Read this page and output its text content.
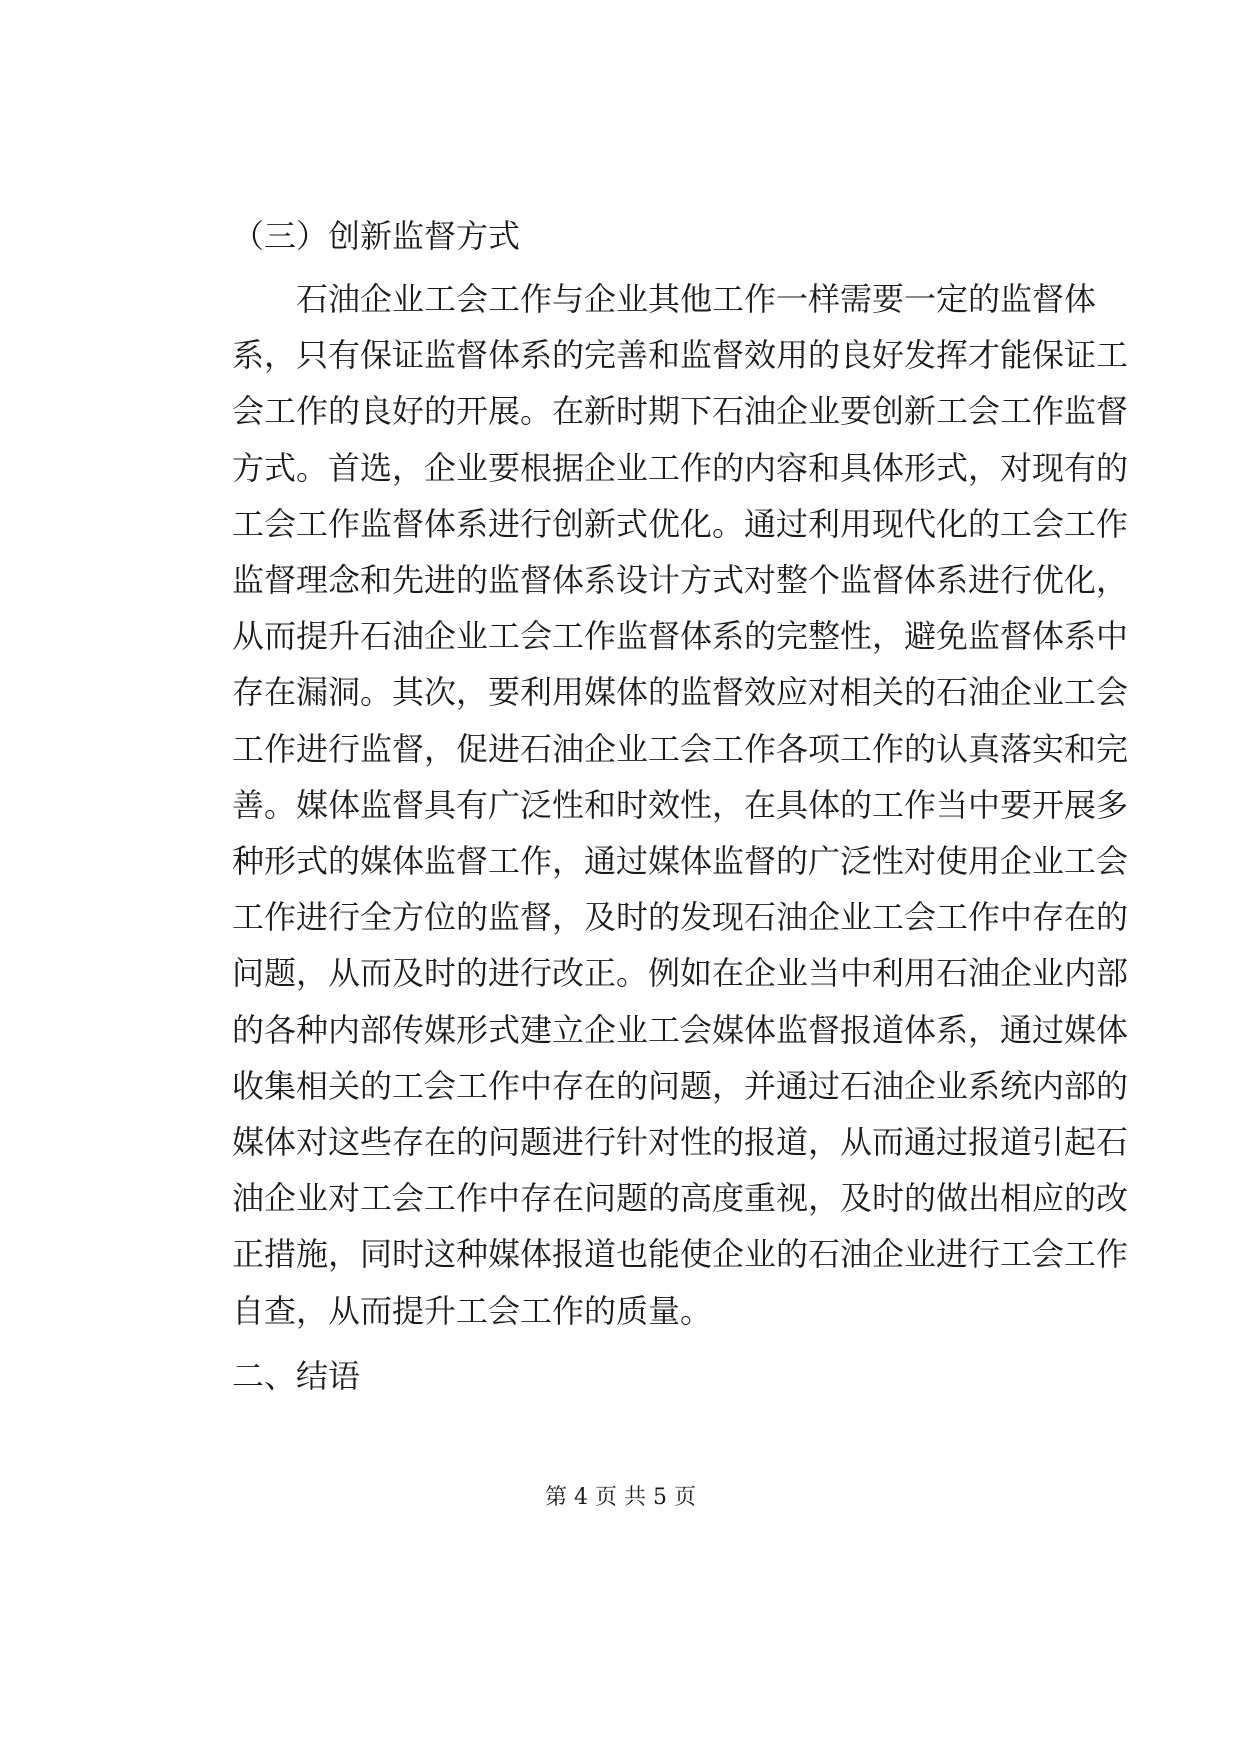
（三）创新监督方式
石油企业工会工作与企业其他工作一样需要一定的监督体
系，只有保证监督体系的完善和监督效用的良好发挥才能保证工
会工作的良好的开展。在新时期下石油企业要创新工会工作监督
方式。首选，企业要根据企业工作的内容和具体形式，对现有的
工会工作监督体系进行创新式优化。通过利用现代化的工会工作
监督理念和先进的监督体系设计方式对整个监督体系进行优化，
从而提升石油企业工会工作监督体系的完整性，避免监督体系中
存在漏洞。其次，要利用媒体的监督效应对相关的石油企业工会
工作进行监督，促进石油企业工会工作各项工作的认真落实和完
善。媒体监督具有广泛性和时效性，在具体的工作当中要开展多
种形式的媒体监督工作，通过媒体监督的广泛性对使用企业工会
工作进行全方位的监督，及时的发现石油企业工会工作中存在的
问题，从而及时的进行改正。例如在企业当中利用石油企业内部
的各种内部传媒形式建立企业工会媒体监督报道体系，通过媒体
收集相关的工会工作中存在的问题，并通过石油企业系统内部的
媒体对这些存在的问题进行针对性的报道，从而通过报道引起石
油企业对工会工作中存在问题的高度重视，及时的做出相应的改
正措施，同时这种媒体报道也能使企业的石油企业进行工会工作
自查，从而提升工会工作的质量。
二、结语
第 4 页 共 5 页
